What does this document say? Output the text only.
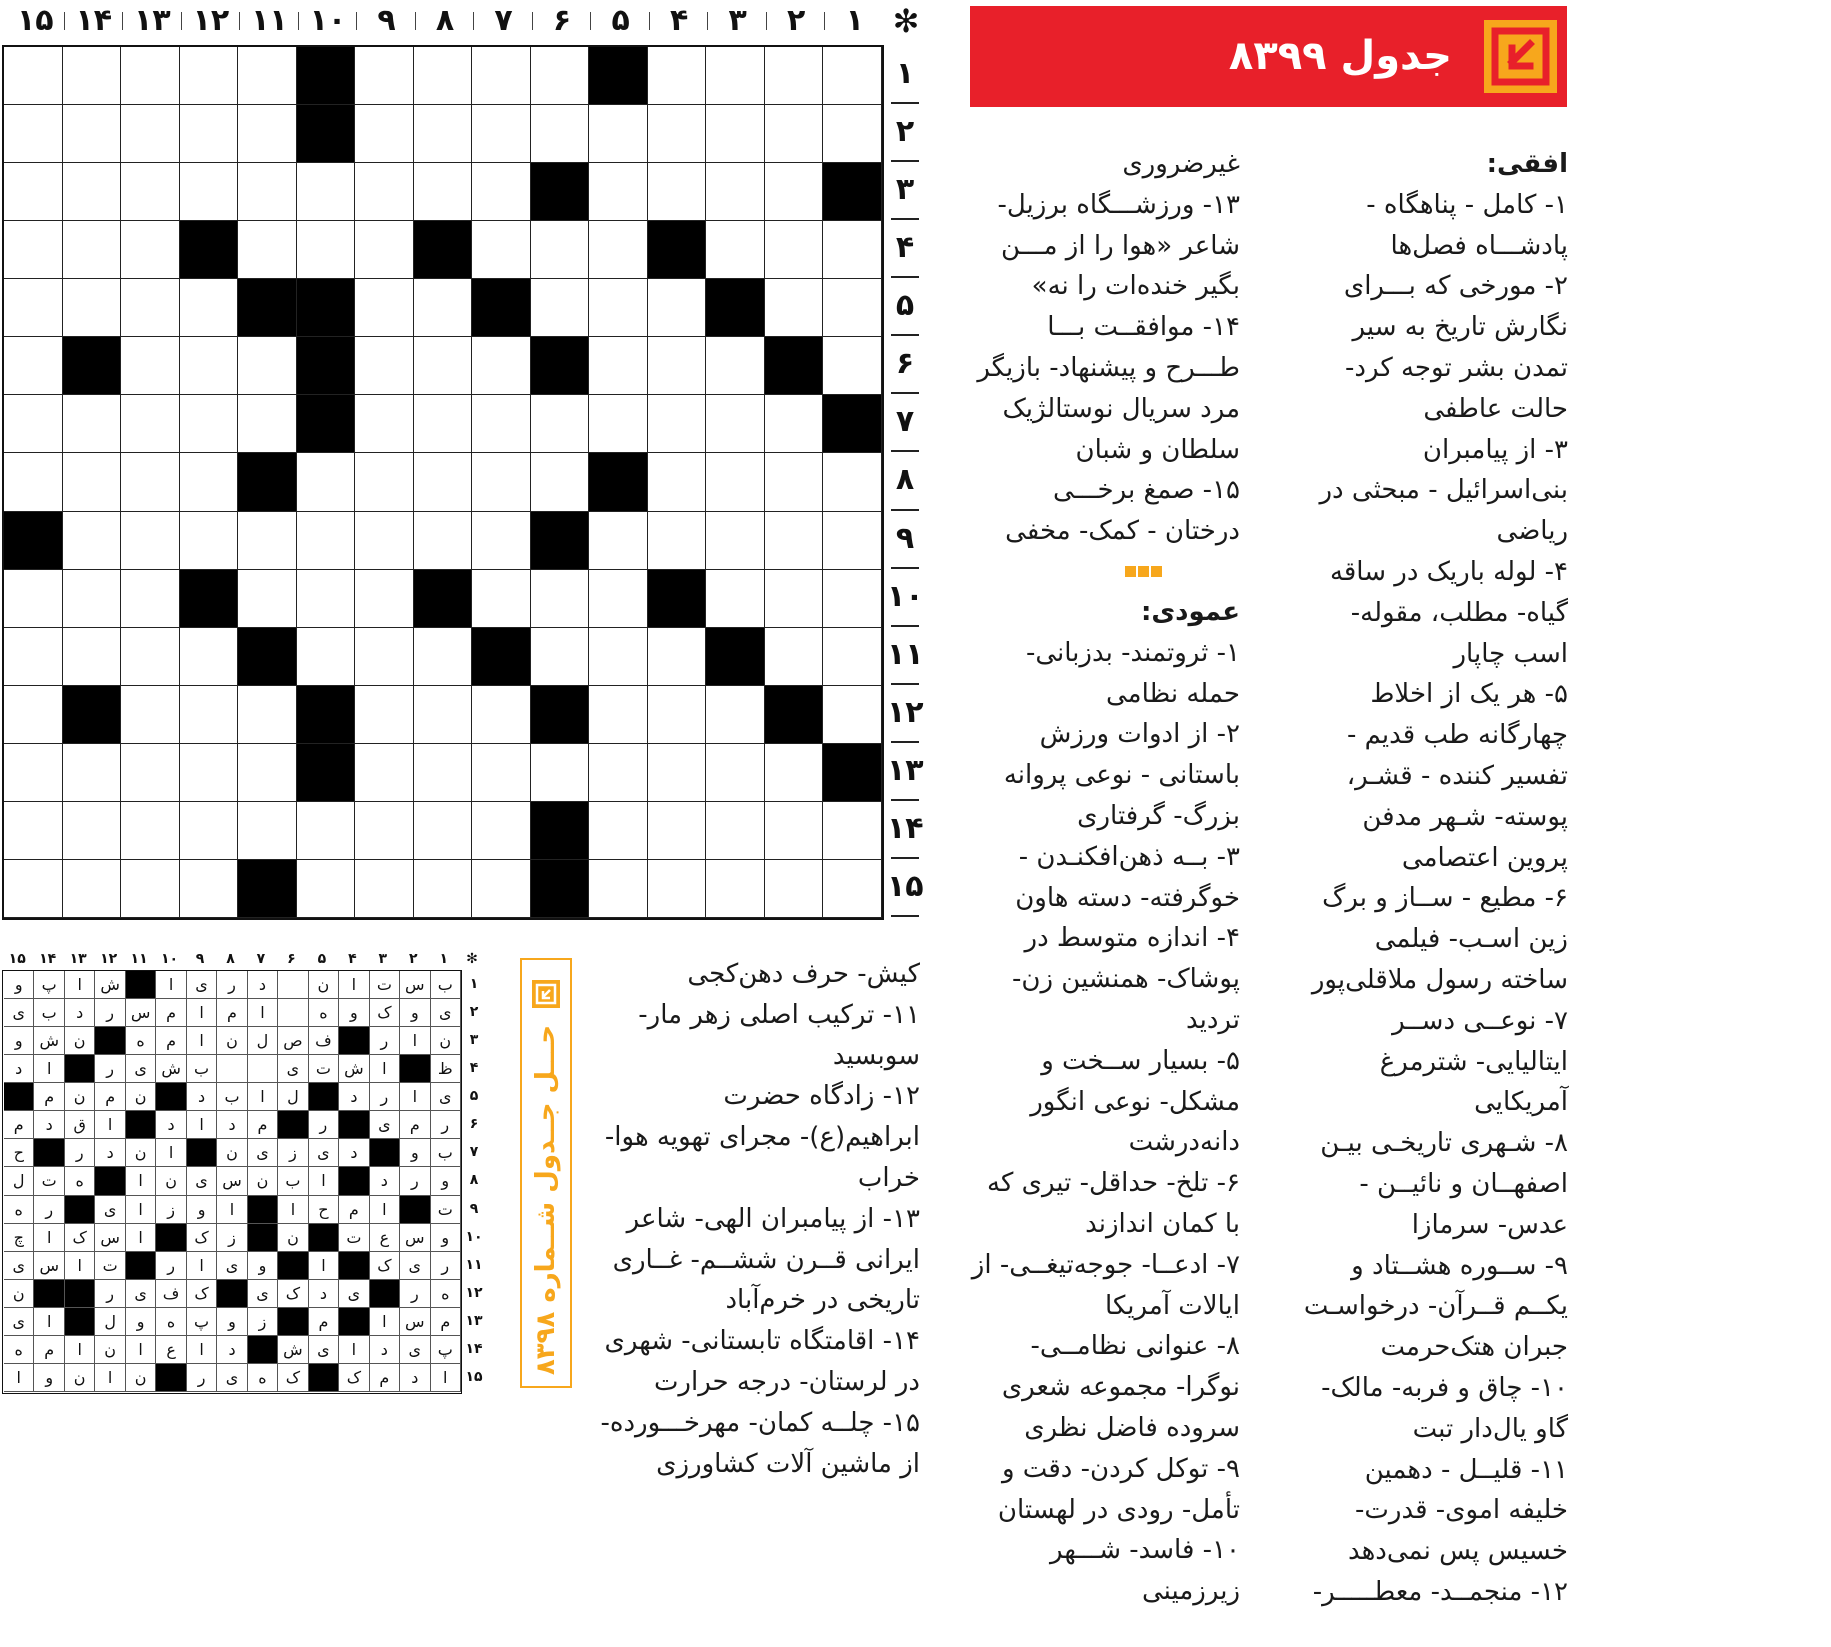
✻
۱
۲
۳
۴
۵
۶
۷
۸
۹
۱۰
۱۱
۱۲
۱۳
۱۴
۱۵
۱
۲
۳
۴
۵
۶
۷
۸
۹
۱۰
۱۱
۱۲
۱۳
۱۴
۱۵
جدول ۸۳۹۹
افقی:
۱- کامل - پناهگاه - پادشـــاه فصل‌ها
۲- مورخی که بـــرای نگارش تاریخ به سیر تمدن بشر توجه کرد- حالت عاطفی
۳- از پیامبران بنی‌اسرائیل - مبحثی در ریاضی
۴- لوله باریک در ساقه گیاه- مطلب، مقوله- اسب چاپار
۵- هر یک از اخلاط چهارگانه طب قدیم - تفسیر کننده - قشـر، پوسته- شـهر مدفن پروین اعتصامی
۶- مطیع - ســاز و برگ زین اسـب- فیلمی ساخته رسول ملاقلی‌پور
۷- نوعــی دســر ایتالیایی- شترمرغ آمریکایی
۸- شـهری تاریخـی بیـن اصفهــان و نائیــن - عدس- سرمازا
۹- ســوره هشــتاد و یکــم قــرآن- درخواسـت جبران هتک‌حرمت
۱۰- چاق و فربه- مالک- گاو یال‌دار تبت
۱۱- قلیــل - دهمین خلیفه اموی- قدرت- خسیس پس نمی‌دهد
۱۲- منجمــد- معطـــــر-
غیرضروری
۱۳- ورزشـــگاه برزیل- شاعر «هوا را از مـــن بگیر خنده‌ات را نه»
۱۴- موافقــت بـــا طـــرح و پیشنهاد- بازیگر مرد سریال نوستالژیک سلطان و شبان
۱۵- صمغ برخـــی درختان - کمک- مخفی
عمودی:
۱- ثروتمند- بدزبانی- حمله نظامی
۲- از ادوات ورزش باستانی - نوعی پروانه بزرگ- گرفتاری
۳- بــه ذهن‌افکنـدن - خوگرفته- دسته هاون
۴- اندازه متوسط در پوشاک- همنشین زن- تردید
۵- بسیار ســخت و مشکل- نوعی انگور دانه‌درشت
۶- تلخ- حداقل- تیری که با کمان اندازند
۷- ادعــا- جوجه‌تیغــی- از ایالات آمریکا
۸- عنوانی نظامــی- نوگرا- مجموعه شعری سروده فاضل نظری
۹- توکل کردن- دقت و تأمل- رودی در لهستان
۱۰- فاسد- شـــهر زیرزمینی
کیش- حرف دهن‌کجی
۱۱- ترکیب اصلی زهر مار- سوبسید
۱۲- زادگاه حضرت ابراهیم(ع)- مجرای تهویه هوا- خراب
۱۳- از پیامبران الهی- شاعر ایرانی قــرن ششــم- غــاری تاریخی در خرم‌آباد
۱۴- اقامتگاه تابستانی- شهری در لرستان- درجه حرارت
۱۵- چلــه کمان- مهرخـــورده- از ماشین آلات کشاورزی
✻
۱
۲
۳
۴
۵
۶
۷
۸
۹
۱۰
۱۱
۱۲
۱۳
۱۴
۱۵
ب
س
ت
ا
ن
د
ر
ی
ا
ش
ا
پ
و
ی
و
ک
و
ه
ا
م
ا
م
س
ر
د
ب
ی
ن
ا
ر
ف
ص
ل
ن
ا
م
ه
ن
ش
و
ظ
ا
ش
ت
ی
ب
ش
ی
ر
ا
د
ی
ا
ر
د
ل
ا
ب
د
ن
م
ن
م
ر
م
ی
ر
م
د
ا
د
ا
ق
د
م
ب
و
د
ی
ز
ی
ن
ا
ن
د
ر
ح
و
ر
د
ا
ب
ن
س
ی
ن
ا
ه
ت
ل
ت
ا
م
ح
ا
ا
و
ز
ا
ی
ر
ه
و
س
ع
ت
ن
ز
ک
ا
س
ک
ا
چ
ر
ی
ک
ا
و
ی
ا
ر
ت
ا
س
ی
ه
ر
ی
د
ک
ی
ک
ف
ی
ر
ن
م
س
ا
م
ز
و
پ
ه
و
ل
ا
ی
پ
ی
د
ا
ی
ش
د
ا
ع
ا
ن
ا
م
ه
ا
د
م
ک
ک
ه
ی
ر
ن
ا
ن
و
ا
۱
۲
۳
۴
۵
۶
۷
۸
۹
۱۰
۱۱
۱۲
۱۳
۱۴
۱۵
حـــل جــدول شــماره ۸۳۹۸
